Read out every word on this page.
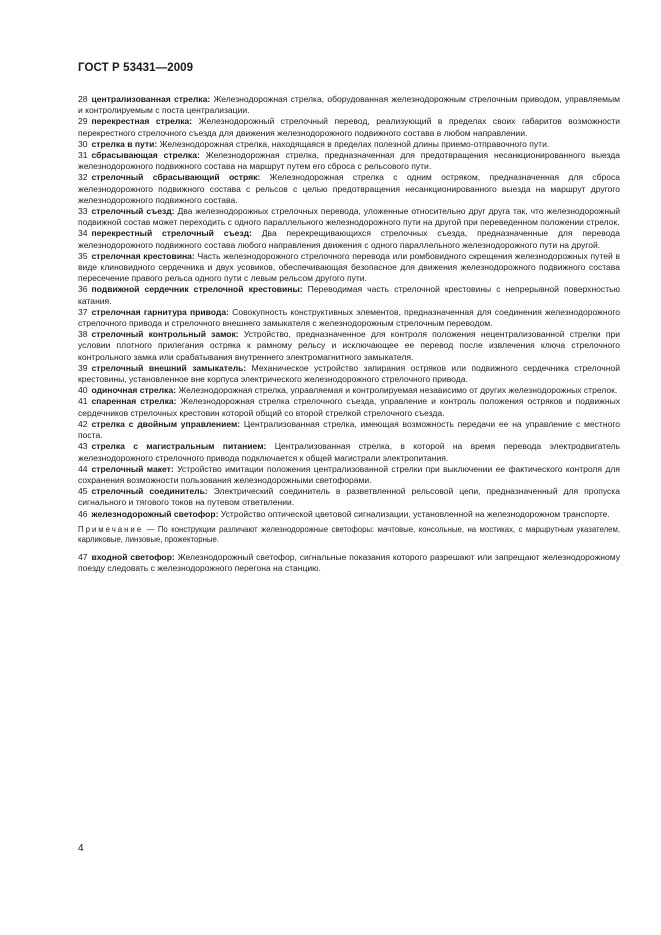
ГОСТ Р 53431—2009

28 централизованная стрелка: Железнодорожная стрелка, оборудованная железнодорожным стрелочным приводом, управляемым и контролируемым с поста централизации.

29 перекрестная стрелка: Железнодорожный стрелочный перевод, реализующий в пределах своих габаритов возможности перекрестного стрелочного съезда для движения железнодорожного подвижного состава в любом направлении.

30 стрелка в пути: Железнодорожная стрелка, находящаяся в пределах полезной длины приемо-отправочного пути.

31 сбрасывающая стрелка: Железнодорожная стрелка, предназначенная для предотвращения несанкционированного выезда железнодорожного подвижного состава на маршрут путем его сброса с рельсового пути.

32 стрелочный сбрасывающий остряк: Железнодорожная стрелка с одним остряком, предназначенная для сброса железнодорожного подвижного состава с рельсов с целью предотвращения несанкционированного выезда на маршрут другого железнодорожного подвижного состава.

33 стрелочный съезд: Два железнодорожных стрелочных перевода, уложенные относительно друг друга так, что железнодорожный подвижной состав может переходить с одного параллельного железнодорожного пути на другой при переведенном положении стрелок.

34 перекрестный стрелочный съезд: Два перекрещивающихся стрелочных съезда, предназначенные для перевода железнодорожного подвижного состава любого направления движения с одного параллельного железнодорожного пути на другой.

35 стрелочная крестовина: Часть железнодорожного стрелочного перевода или ромбовидного скрещения железнодорожных путей в виде клиновидного сердечника и двух усовиков, обеспечивающая безопасное для движения железнодорожного подвижного состава пересечение правого рельса одного пути с левым рельсом другого пути.

36 подвижной сердечник стрелочной крестовины: Переводимая часть стрелочной крестовины с непрерывной поверхностью катания.

37 стрелочная гарнитура привода: Совокупность конструктивных элементов, предназначенная для соединения железнодорожного стрелочного привода и стрелочного внешнего замыкателя с железнодорожным стрелочным переводом.

38 стрелочный контрольный замок: Устройство, предназначенное для контроля положения нецентрализованной стрелки при условии плотного прилегания остряка к рамному рельсу и исключающее ее перевод после извлечения ключа стрелочного контрольного замка или срабатывания внутреннего электромагнитного замыкателя.

39 стрелочный внешний замыкатель: Механическое устройство запирания остряков или подвижного сердечника стрелочной крестовины, установленное вне корпуса электрического железнодорожного стрелочного привода.

40 одиночная стрелка: Железнодорожная стрелка, управляемая и контролируемая независимо от других железнодорожных стрелок.

41 спаренная стрелка: Железнодорожная стрелка стрелочного съезда, управление и контроль положения остряков и подвижных сердечников стрелочных крестовин которой общий со второй стрелкой стрелочного съезда.

42 стрелка с двойным управлением: Централизованная стрелка, имеющая возможность передачи ее на управление с местного поста.

43 стрелка с магистральным питанием: Централизованная стрелка, в которой на время перевода электродвигатель железнодорожного стрелочного привода подключается к общей магистрали электропитания.

44 стрелочный макет: Устройство имитации положения централизованной стрелки при выключении ее фактического контроля для сохранения возможности пользования железнодорожными светофорами.

45 стрелочный соединитель: Электрический соединитель в разветвленной рельсовой цепи, предназначенный для пропуска сигнального и тягового токов на путевом ответвлении.

46 железнодорожный светофор: Устройство оптической цветовой сигнализации, установленной на железнодорожном транспорте.

Примечание — По конструкции различают железнодорожные светофоры: мачтовые, консольные, на мостиках, с маршрутным указателем, карликовые, линзовые, прожекторные.

47 входной светофор: Железнодорожный светофор, сигнальные показания которого разрешают или запрещают железнодорожному поезду следовать с железнодорожного перегона на станцию.

4
